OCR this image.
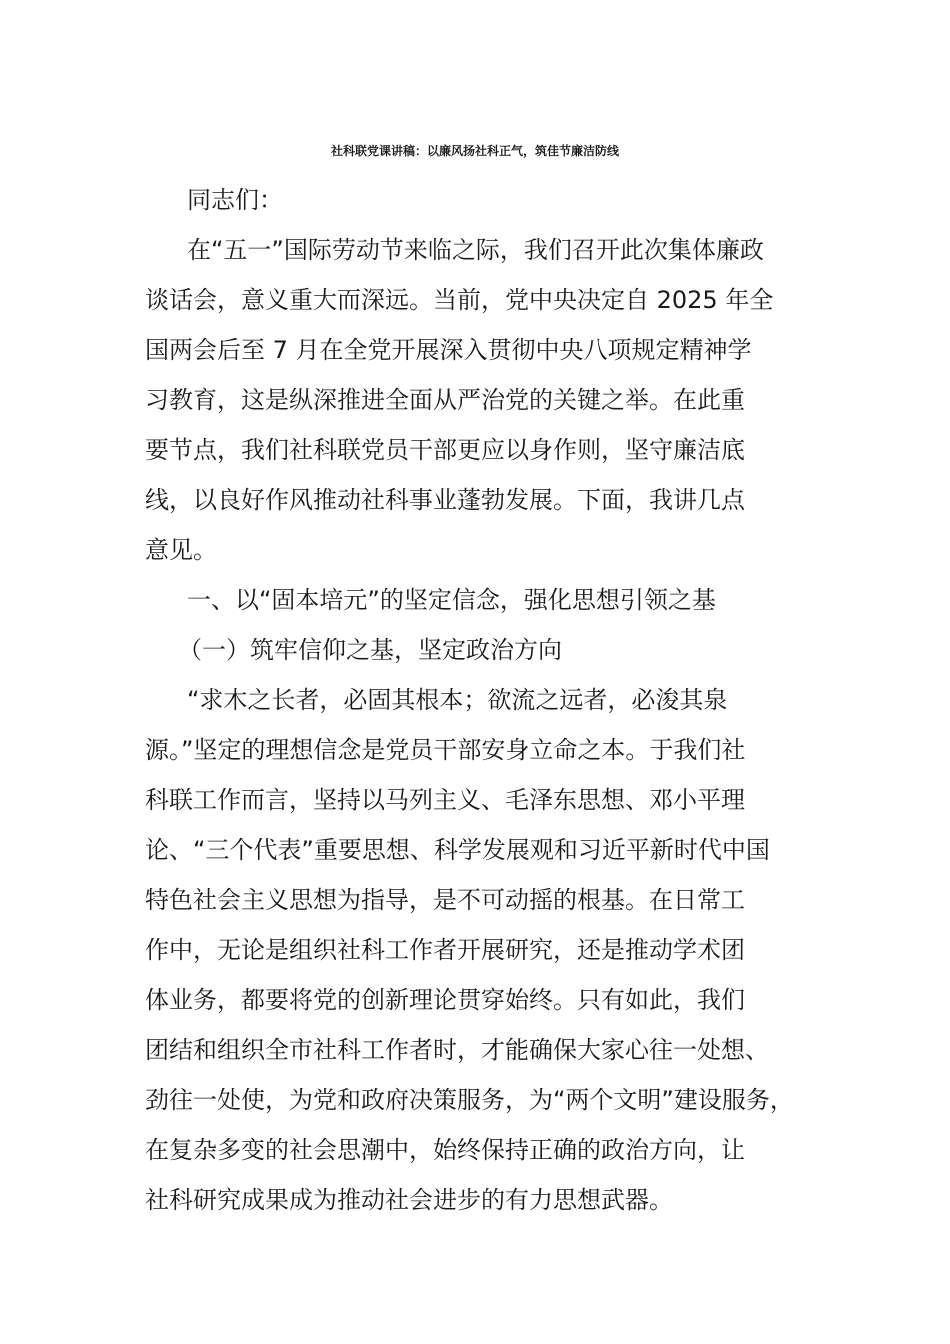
社科联党课讲稿：以廉风扬社科正气，筑佳节廉洁防线
同志们：
在“五一”国际劳动节来临之际，我们召开此次集体廉政
谈话会，意义重大而深远。当前，党中央决定自 2025 年全
国两会后至 7 月在全党开展深入贯彻中央八项规定精神学
习教育，这是纵深推进全面从严治党的关键之举。在此重
要节点，我们社科联党员干部更应以身作则，坚守廉洁底
线，以良好作风推动社科事业蓬勃发展。下面，我讲几点
意见。
一、以“固本培元”的坚定信念，强化思想引领之基
（一）筑牢信仰之基，坚定政治方向
“求木之长者，必固其根本；欲流之远者，必浚其泉
源。”坚定的理想信念是党员干部安身立命之本。于我们社
科联工作而言，坚持以马列主义、毛泽东思想、邓小平理
论、“三个代表”重要思想、科学发展观和习近平新时代中国
特色社会主义思想为指导，是不可动摇的根基。在日常工
作中，无论是组织社科工作者开展研究，还是推动学术团
体业务，都要将党的创新理论贯穿始终。只有如此，我们
团结和组织全市社科工作者时，才能确保大家心往一处想、
劲往一处使，为党和政府决策服务，为“两个文明”建设服务，
在复杂多变的社会思潮中，始终保持正确的政治方向，让
社科研究成果成为推动社会进步的有力思想武器。
